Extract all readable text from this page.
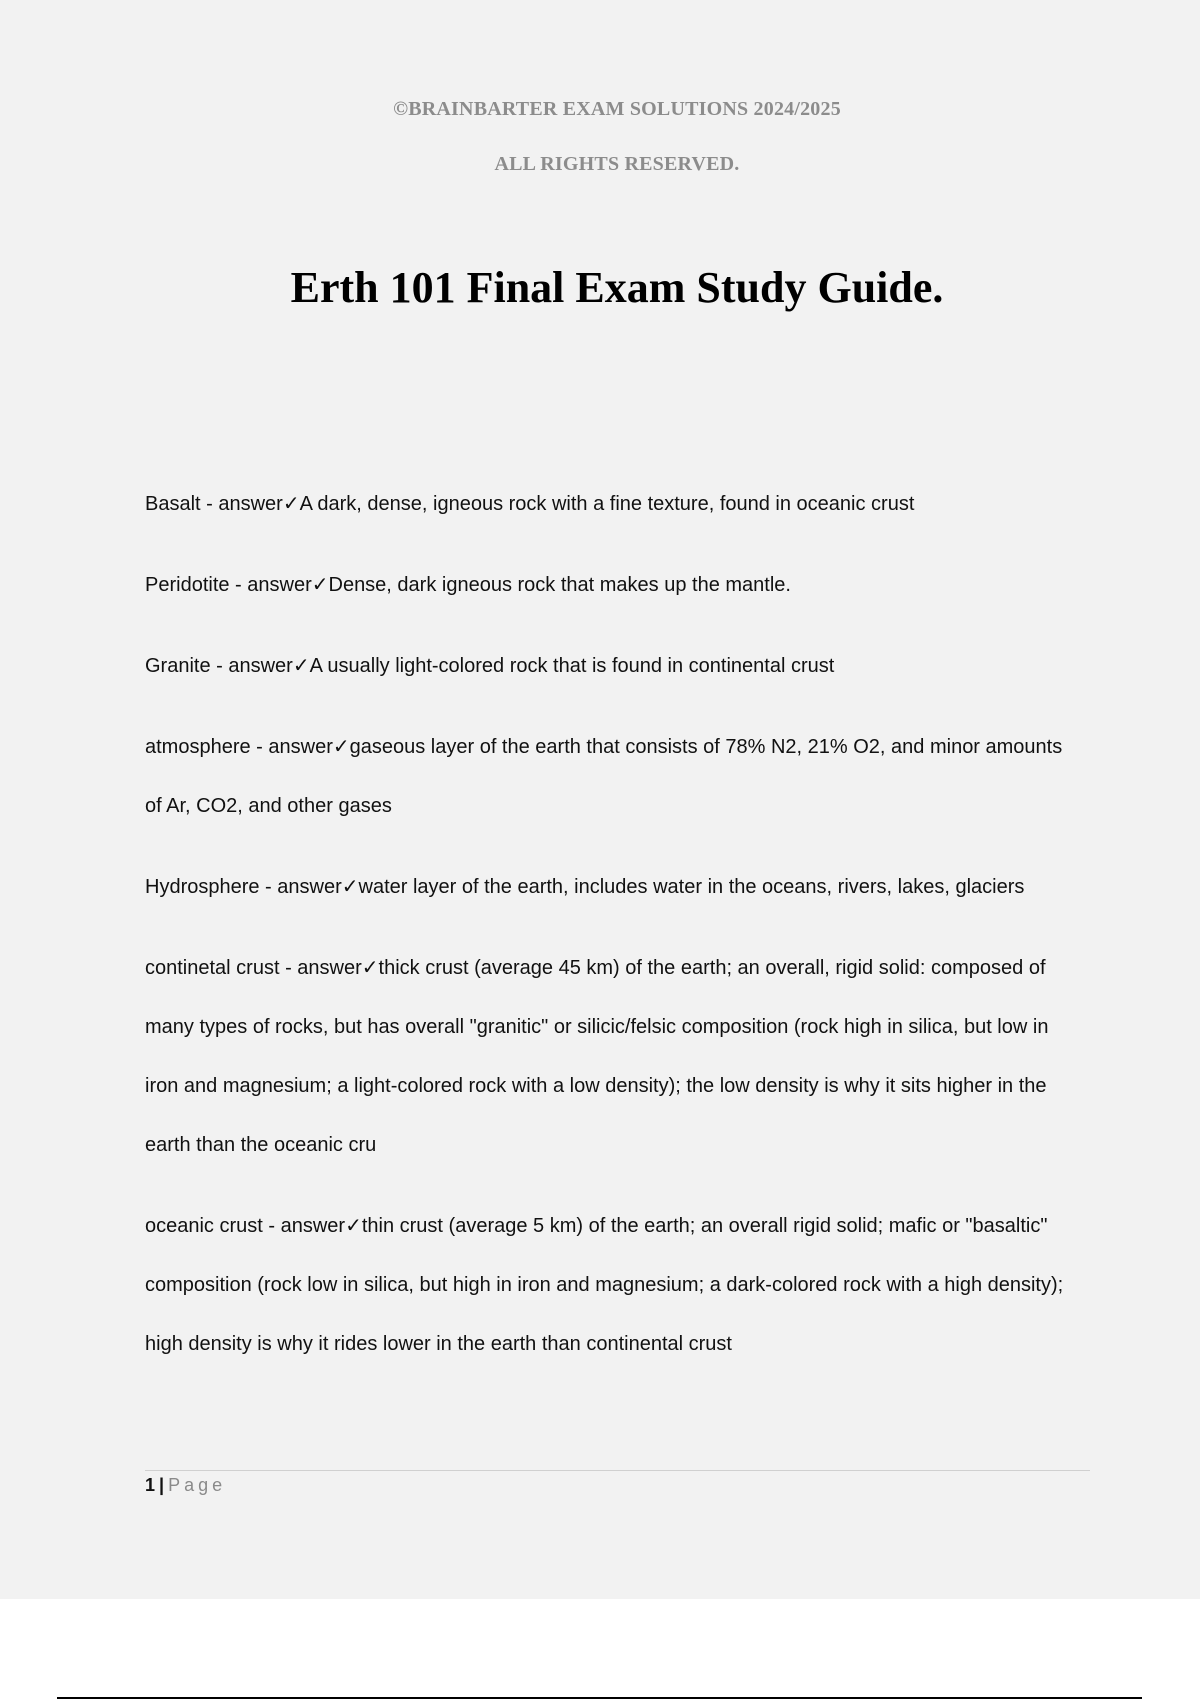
©BRAINBARTER EXAM SOLUTIONS 2024/2025
ALL RIGHTS RESERVED.
Erth 101 Final Exam Study Guide.

Basalt - answer✓A dark, dense, igneous rock with a fine texture, found in oceanic crust

Peridotite - answer✓Dense, dark igneous rock that makes up the mantle.

Granite - answer✓A usually light-colored rock that is found in continental crust

atmosphere - answer✓gaseous layer of the earth that consists of 78% N2, 21% O2, and minor amounts of Ar, CO2, and other gases

Hydrosphere - answer✓water layer of the earth, includes water in the oceans, rivers, lakes, glaciers

continetal crust - answer✓thick crust (average 45 km) of the earth; an overall, rigid solid: composed of many types of rocks, but has overall "granitic" or silicic/felsic composition (rock high in silica, but low in iron and magnesium; a light-colored rock with a low density); the low density is why it sits higher in the earth than the oceanic cru

oceanic crust - answer✓thin crust (average 5 km) of the earth; an overall rigid solid; mafic or "basaltic" composition (rock low in silica, but high in iron and magnesium; a dark-colored rock with a high density); high density is why it rides lower in the earth than continental crust

1 | Page
